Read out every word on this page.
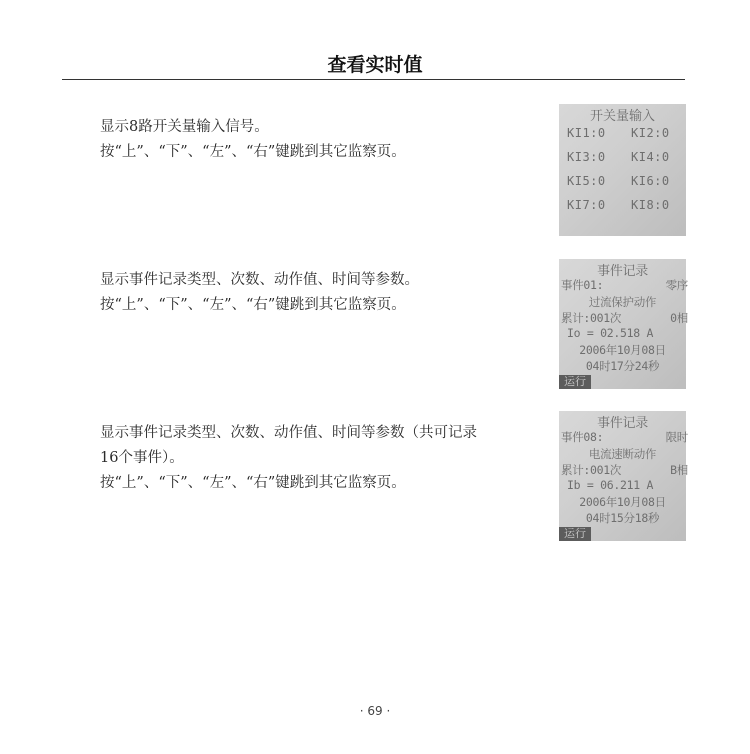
查看实时值
显示8路开关量输入信号。
按“上”、“下”、“左”、“右”键跳到其它监察页。
开关量输入
KI1:0 KI2:0
KI3:0 KI4:0
KI5:0 KI6:0
KI7:0 KI8:0
显示事件记录类型、次数、动作值、时间等参数。
按“上”、“下”、“左”、“右”键跳到其它监察页。
事件记录
事件01:	零序
过流保护动作
累计:001次	0相
Io = 02.518 A
2006年10月08日
04时17分24秒
运行
显示事件记录类型、次数、动作值、时间等参数（共可记录
16个事件）。
按“上”、“下”、“左”、“右”键跳到其它监察页。
事件记录
事件08:	限时
电流速断动作
累计:001次	B相
Ib = 06.211 A
2006年10月08日
04时15分18秒
运行
· 69 ·
